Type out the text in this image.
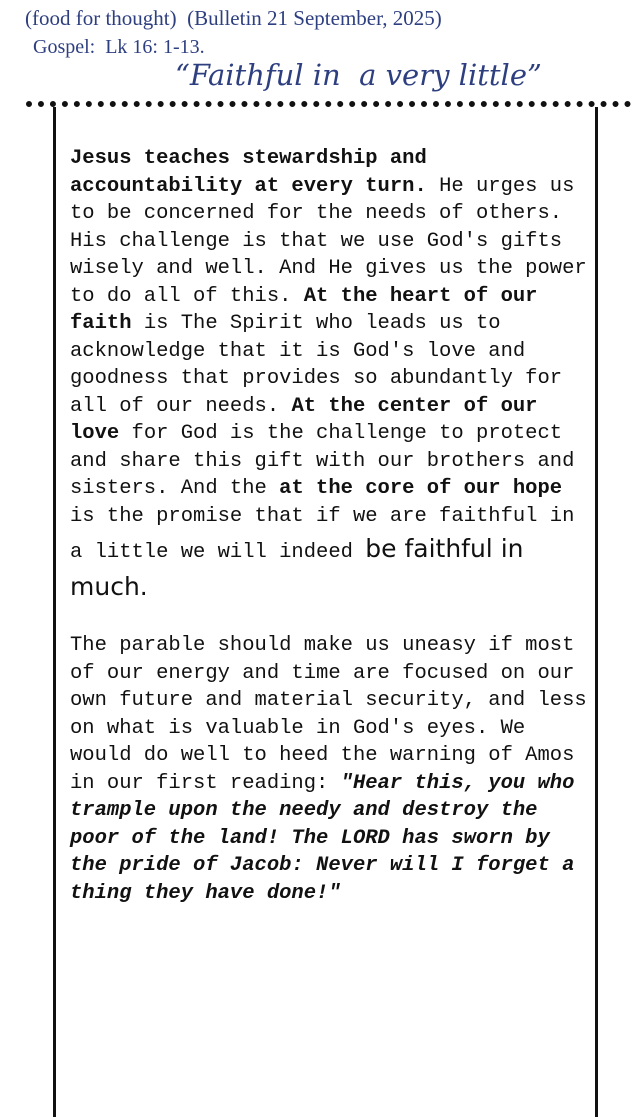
(food for thought)  (Bulletin 21 September, 2025)
Gospel:  Lk 16: 1-13.
“Faithful in  a very little”

Jesus teaches stewardship and accountability at every turn. He urges us to be concerned for the needs of others. His challenge is that we use God's gifts wisely and well. And He gives us the power to do all of this. At the heart of our faith is The Spirit who leads us to acknowledge that it is God's love and goodness that provides so abundantly for all of our needs. At the center of our love for God is the challenge to protect and share this gift with our brothers and sisters. And the at the core of our hope is the promise that if we are faithful in a little we will indeed be faithful in much.

The parable should make us uneasy if most of our energy and time are focused on our own future and material security, and less on what is valuable in God's eyes. We would do well to heed the warning of Amos in our first reading: "Hear this, you who trample upon the needy and destroy the poor of the land! The LORD has sworn by the pride of Jacob: Never will I forget a thing they have done!"
